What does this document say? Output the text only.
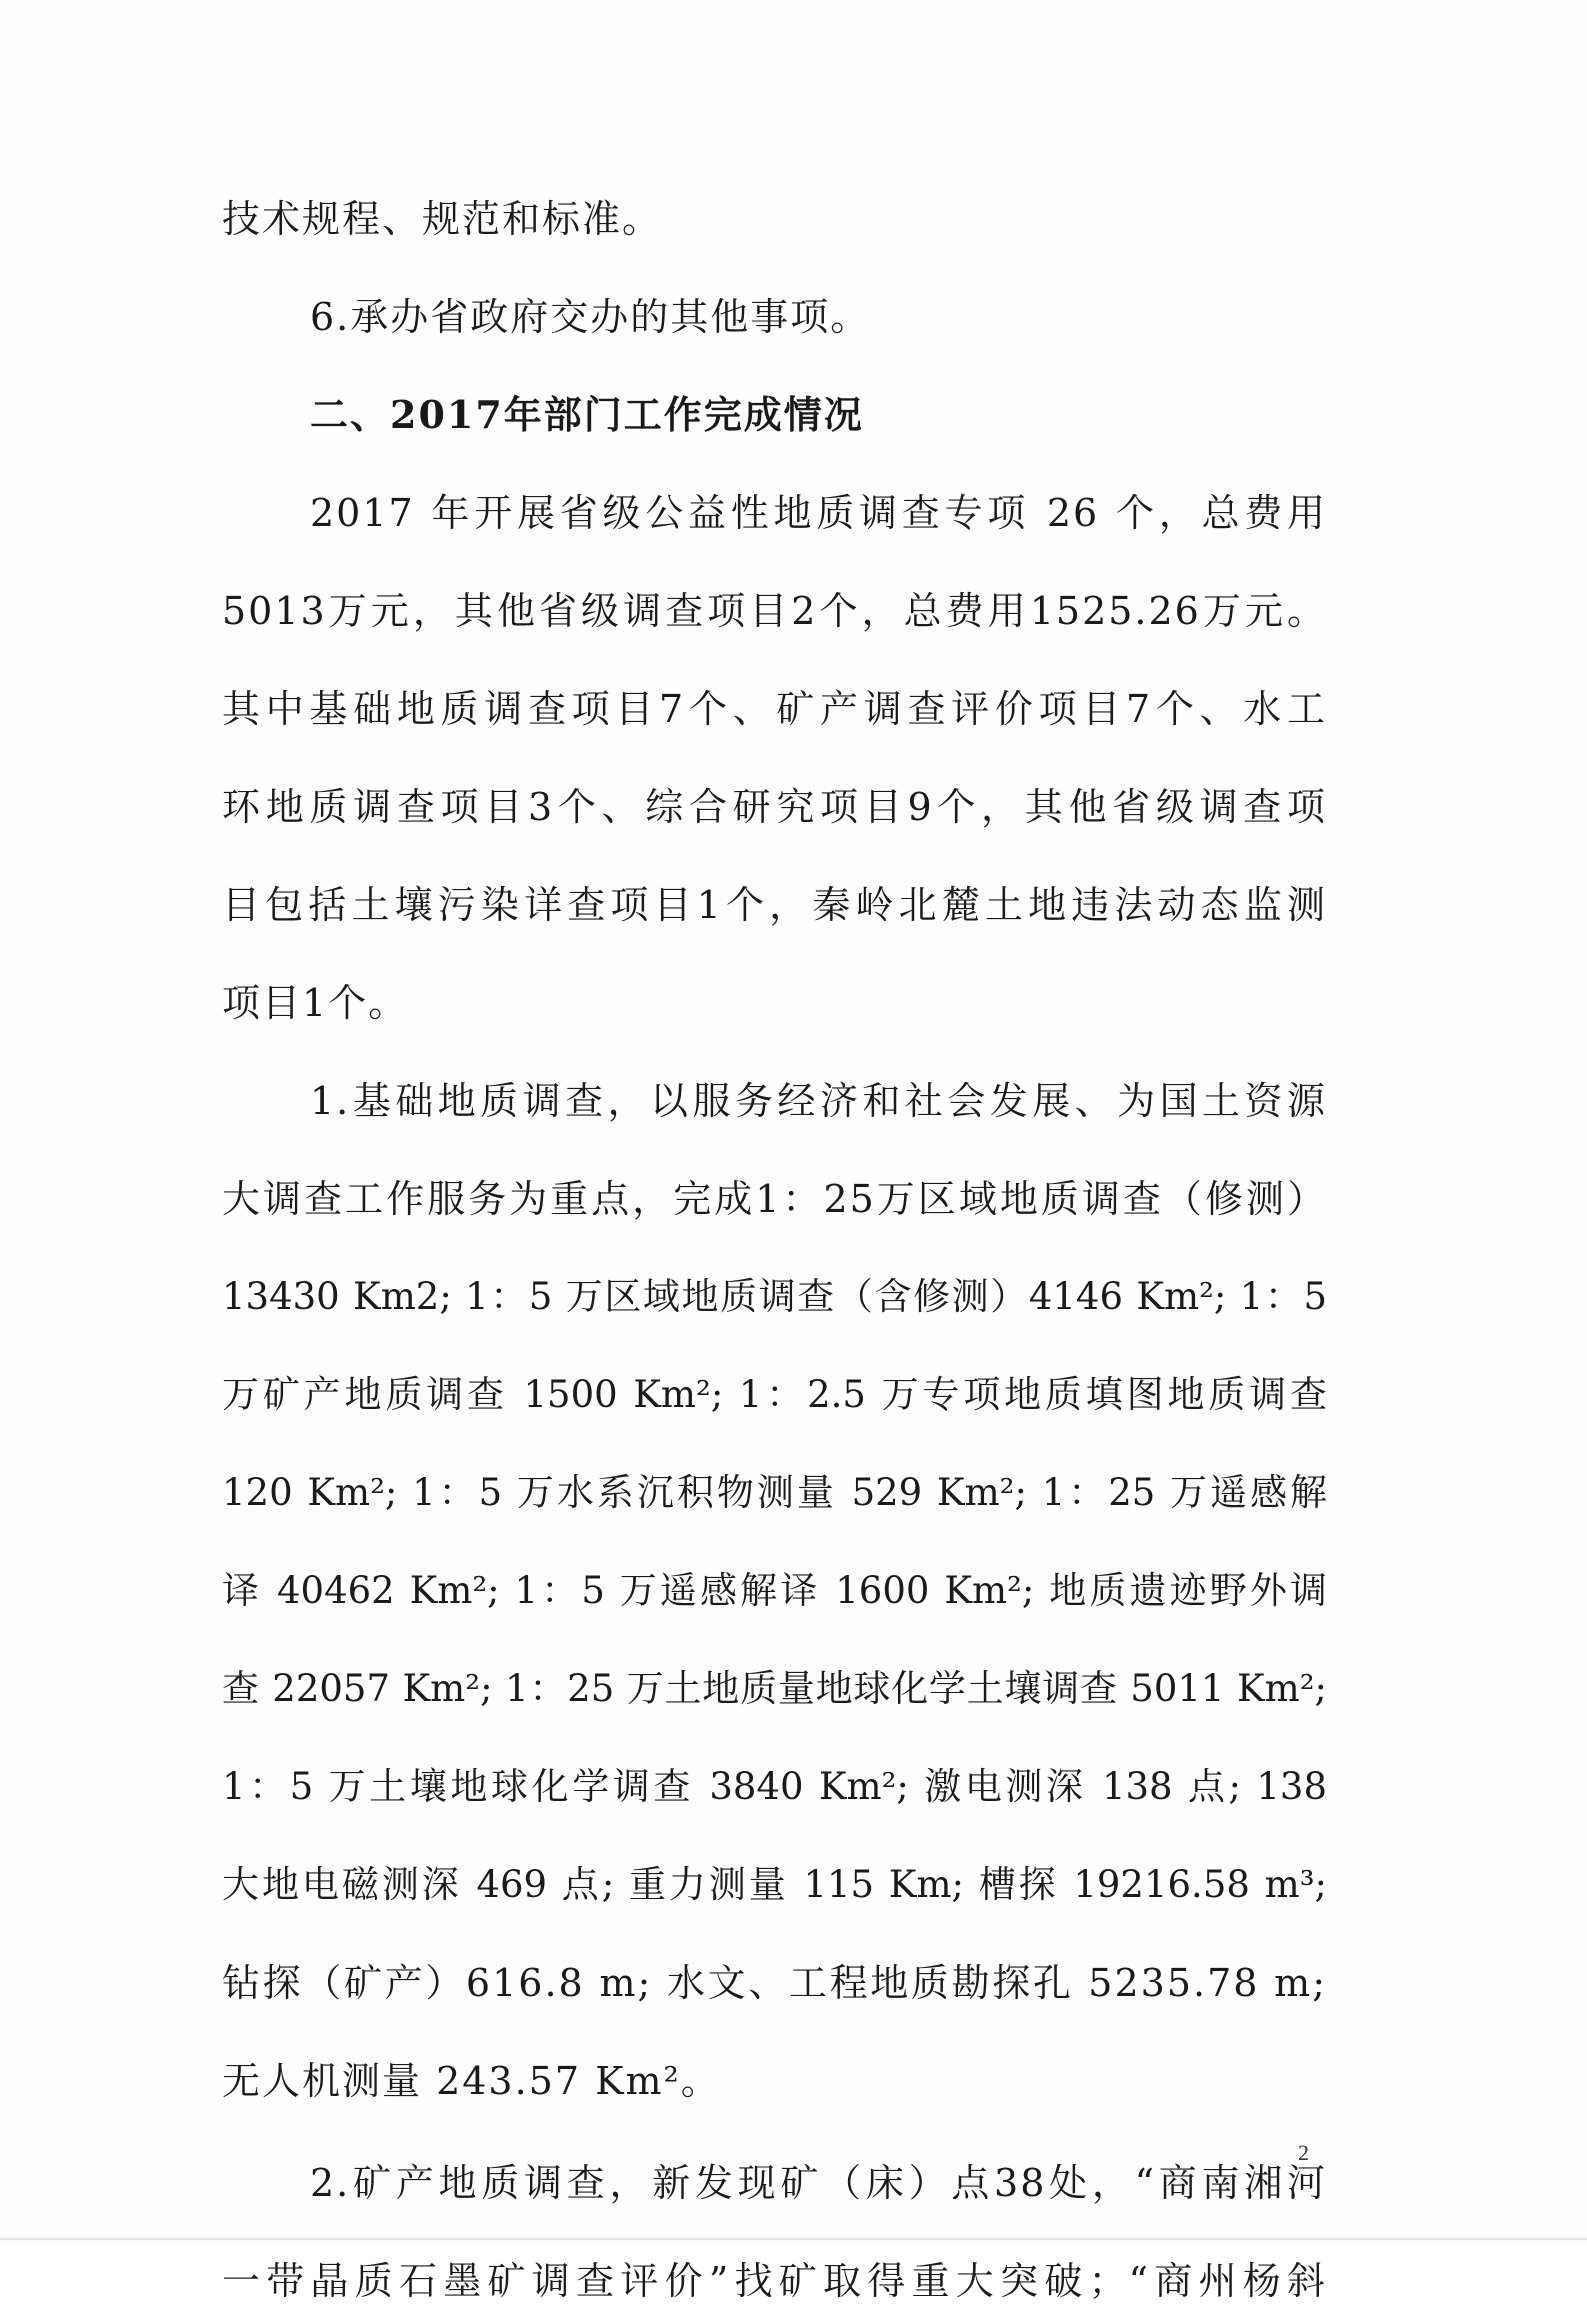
技术规程、规范和标准。
6.承办省政府交办的其他事项。
二、2017年部门工作完成情况
2017 年开展省级公益性地质调查专项 26 个，总费用
5013万元，其他省级调查项目2个，总费用1525.26万元。
其中基础地质调查项目7个、矿产调查评价项目7个、水工
环地质调查项目3个、综合研究项目9个，其他省级调查项
目包括土壤污染详查项目1个，秦岭北麓土地违法动态监测
项目1个。
1.基础地质调查，以服务经济和社会发展、为国土资源
大调查工作服务为重点，完成1：25万区域地质调查（修测）
13430 Km2; 1：5 万区域地质调查（含修测）4146 Km²; 1：5
万矿产地质调查 1500 Km²; 1：2.5 万专项地质填图地质调查
120 Km²; 1：5 万水系沉积物测量 529 Km²; 1：25 万遥感解
译 40462 Km²; 1：5 万遥感解译 1600 Km²; 地质遗迹野外调
查 22057 Km²; 1：25 万土地质量地球化学土壤调查 5011 Km²;
1：5 万土壤地球化学调查 3840 Km²; 激电测深 138 点; 138
大地电磁测深 469 点; 重力测量 115 Km; 槽探 19216.58 m³;
钻探（矿产）616.8 m; 水文、工程地质勘探孔 5235.78 m;
无人机测量 243.57 Km²。
2.矿产地质调查，新发现矿（床）点38处，“商南湘河
一带晶质石墨矿调查评价”找矿取得重大突破；“商州杨斜
2
